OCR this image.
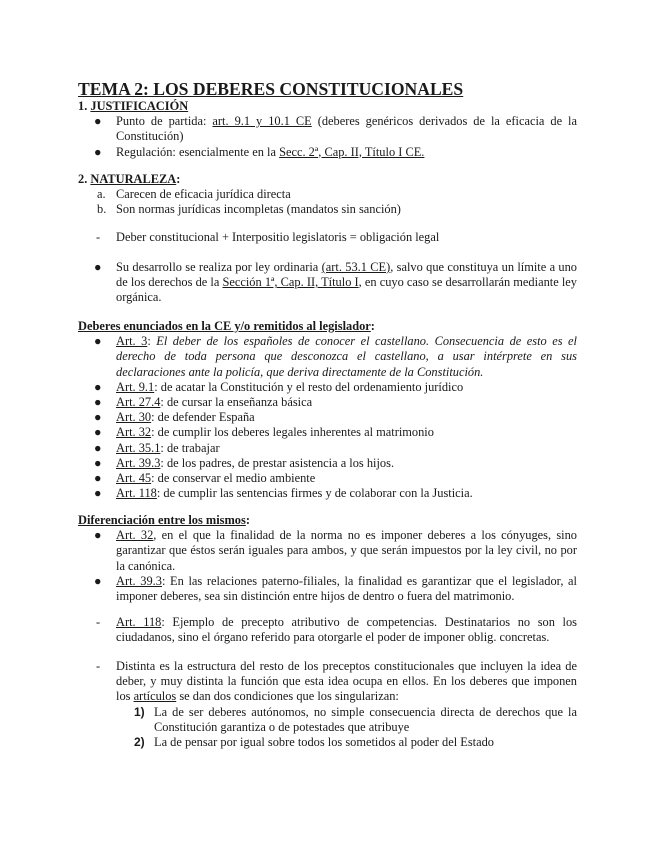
TEMA 2: LOS DEBERES CONSTITUCIONALES
1. JUSTIFICACIÓN
● Punto de partida: art. 9.1 y 10.1 CE (deberes genéricos derivados de la eficacia de la Constitución)
● Regulación: esencialmente en la Secc. 2ª, Cap. II, Título I CE.
2. NATURALEZA:
a. Carecen de eficacia jurídica directa
b. Son normas jurídicas incompletas (mandatos sin sanción)
- Deber constitucional + Interpositio legislatoris = obligación legal
● Su desarrollo se realiza por ley ordinaria (art. 53.1 CE), salvo que constituya un límite a uno de los derechos de la Sección 1ª, Cap. II, Título I, en cuyo caso se desarrollarán mediante ley orgánica.
Deberes enunciados en la CE y/o remitidos al legislador:
● Art. 3: El deber de los españoles de conocer el castellano. Consecuencia de esto es el derecho de toda persona que desconozca el castellano, a usar intérprete en sus declaraciones ante la policía, que deriva directamente de la Constitución.
● Art. 9.1: de acatar la Constitución y el resto del ordenamiento jurídico
● Art. 27.4: de cursar la enseñanza básica
● Art. 30: de defender España
● Art. 32: de cumplir los deberes legales inherentes al matrimonio
● Art. 35.1: de trabajar
● Art. 39.3: de los padres, de prestar asistencia a los hijos.
● Art. 45: de conservar el medio ambiente
● Art. 118: de cumplir las sentencias firmes y de colaborar con la Justicia.
Diferenciación entre los mismos:
● Art. 32, en el que la finalidad de la norma no es imponer deberes a los cónyuges, sino garantizar que éstos serán iguales para ambos, y que serán impuestos por la ley civil, no por la canónica.
● Art. 39.3: En las relaciones paterno-filiales, la finalidad es garantizar que el legislador, al imponer deberes, sea sin distinción entre hijos de dentro o fuera del matrimonio.
- Art. 118: Ejemplo de precepto atributivo de competencias. Destinatarios no son los ciudadanos, sino el órgano referido para otorgarle el poder de imponer oblig. concretas.
- Distinta es la estructura del resto de los preceptos constitucionales que incluyen la idea de deber, y muy distinta la función que esta idea ocupa en ellos. En los deberes que imponen los artículos se dan dos condiciones que los singularizan:
1) La de ser deberes autónomos, no simple consecuencia directa de derechos que la Constitución garantiza o de potestades que atribuye
2) La de pensar por igual sobre todos los sometidos al poder del Estado
